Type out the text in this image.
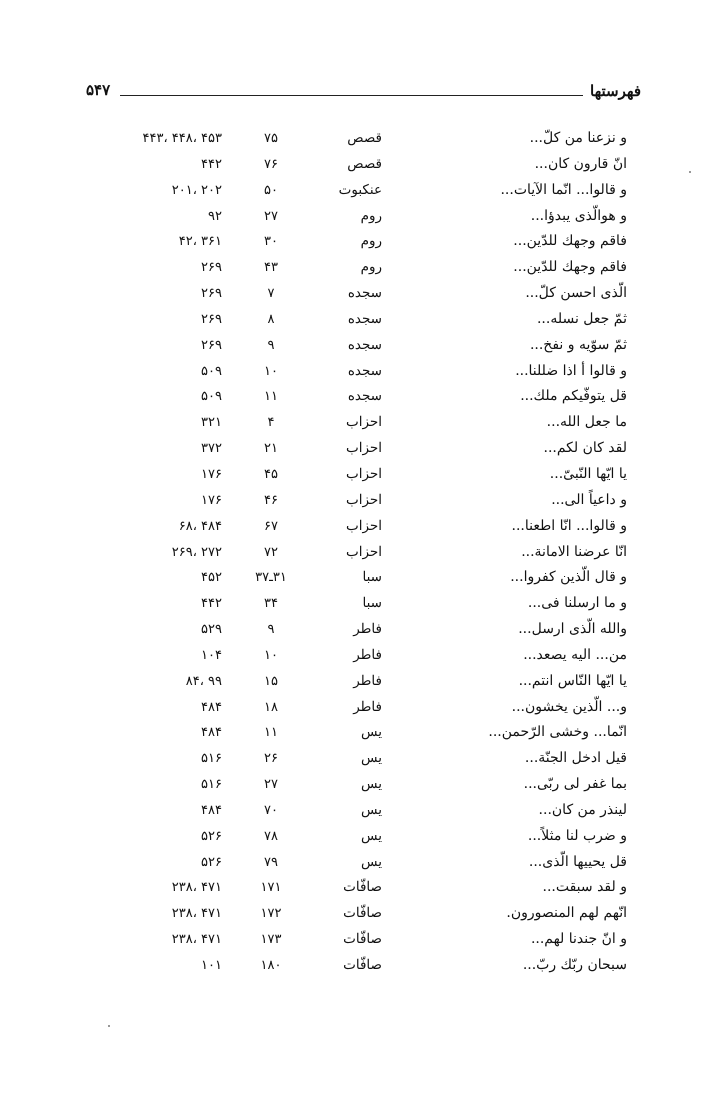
۵۴۷	فهرستها
۴۵۳ ،۴۴۸ ،۴۴۳	۷۵	قصص	و نزعنا من کلّ...
۴۴۲	۷۶	قصص	انّ قارون کان...
۲۰۲ ،۲۰۱	۵۰	عنکبوت	و قالوا... انّما الآیات...
۹۲	۲۷	روم	و هوالّذی یبدؤا...
۳۶۱ ،۴۲	۳۰	روم	فاقم وجهك للدّین...
۲۶۹	۴۳	روم	فاقم وجهك للدّین...
۲۶۹	۷	سجده	الّذی احسن کلّ...
۲۶۹	۸	سجده	ثمّ جعل نسله...
۲۶۹	۹	سجده	ثمّ سوّیه و نفخ...
۵۰۹	۱۰	سجده	و قالوا أ اذا ضللنا...
۵۰۹	۱۱	سجده	قل یتوفّیکم ملك...
۳۲۱	۴	احزاب	ما جعل الله...
۳۷۲	۲۱	احزاب	لقد کان لکم...
۱۷۶	۴۵	احزاب	یا ایّها النّبیّ...
۱۷۶	۴۶	احزاب	و داعیاً الی...
۴۸۴ ،۶۸	۶۷	احزاب	و قالوا... انّا اطعنا...
۲۷۲ ،۲۶۹	۷۲	احزاب	انّا عرضنا الامانة...
۴۵۲	۳۱ـ۳۷	سبا	و قال الّذین کفروا...
۴۴۲	۳۴	سبا	و ما ارسلنا فی...
۵۲۹	۹	فاطر	والله الّذی ارسل...
۱۰۴	۱۰	فاطر	من... الیه یصعد...
۹۹ ،۸۴	۱۵	فاطر	یا ایّها النّاس انتم...
۴۸۴	۱۸	فاطر	و... الّذین یخشون...
۴۸۴	۱۱	یس	انّما... وخشی الرّحمن...
۵۱۶	۲۶	یس	قیل ادخل الجنّة...
۵۱۶	۲۷	یس	بما غفر لی ربّی...
۴۸۴	۷۰	یس	لینذر من کان...
۵۲۶	۷۸	یس	و ضرب لنا مثلاً...
۵۲۶	۷۹	یس	قل یحییها الّذی...
۴۷۱ ،۲۳۸	۱۷۱	صافّات	و لقد سبقت...
۴۷۱ ،۲۳۸	۱۷۲	صافّات	انّهم لهم المنصورون.
۴۷۱ ،۲۳۸	۱۷۳	صافّات	و انّ جندنا لهم...
۱۰۱	۱۸۰	صافّات	سبحان ربّك ربّ...
